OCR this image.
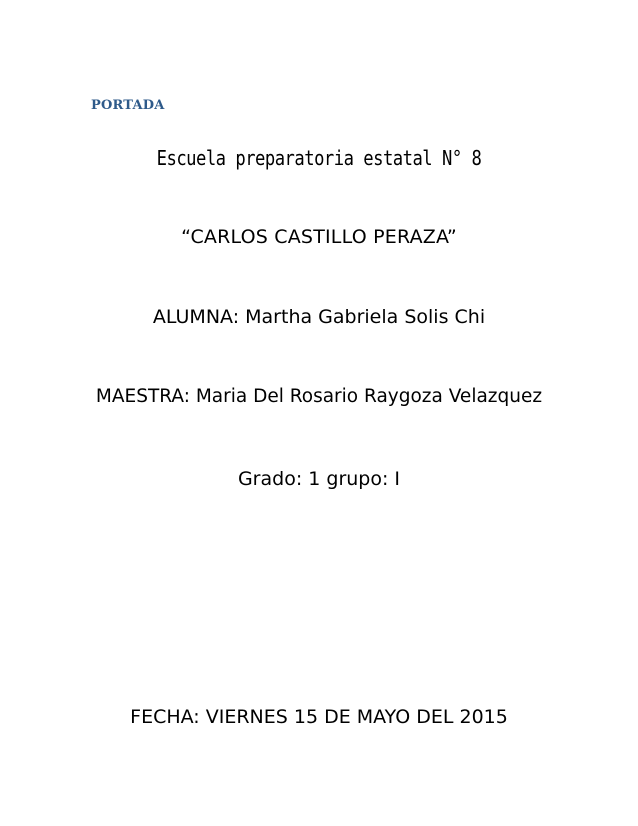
PORTADA
Escuela preparatoria estatal N° 8
“CARLOS CASTILLO PERAZA”
ALUMNA: Martha Gabriela Solis Chi
MAESTRA: Maria Del Rosario Raygoza Velazquez
Grado: 1 grupo: I
FECHA: VIERNES 15 DE MAYO DEL 2015
